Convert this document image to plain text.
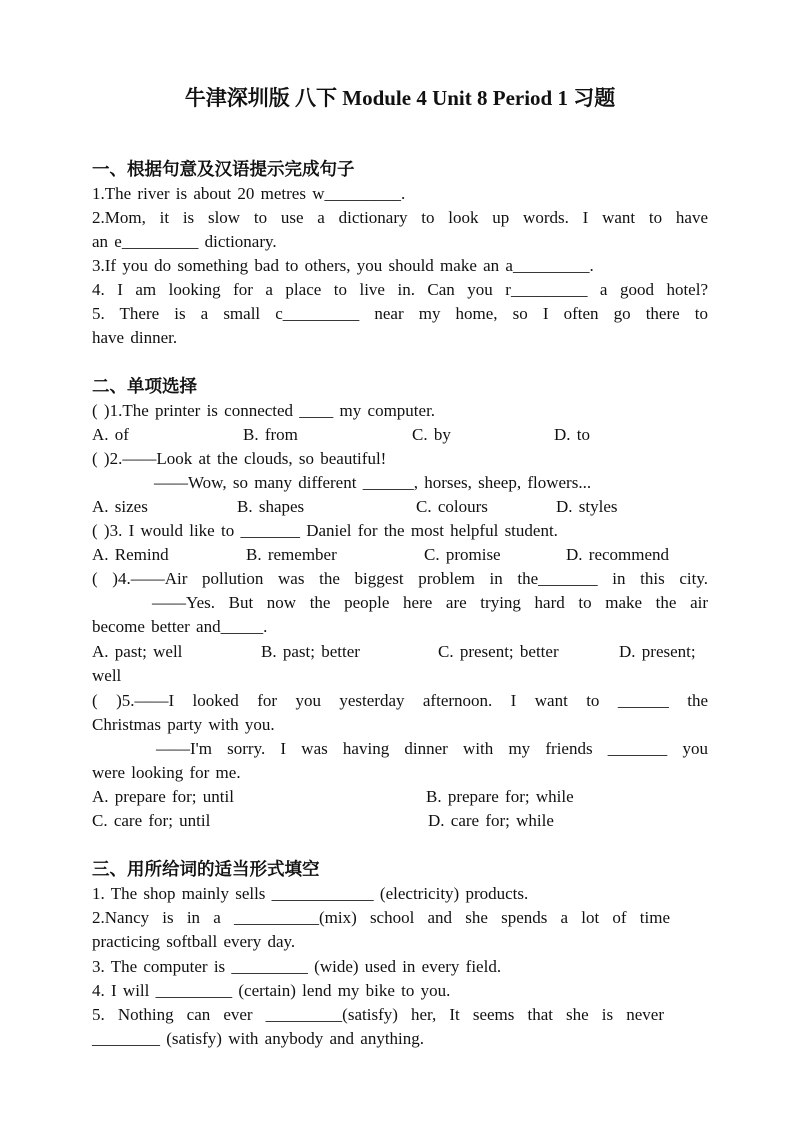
牛津深圳版 八下 Module 4 Unit 8 Period 1 习题
一、根据句意及汉语提示完成句子
1.The river is about 20 metres w_________.
2.Mom, it is slow to use a dictionary to look up words. I want to have
an e_________ dictionary.
3.If you do something bad to others, you should make an a_________.
4. I am looking for a place to live in. Can you r_________ a good hotel?
5. There is a small c_________ near my home, so I often go there to
have dinner.
二、单项选择
( )1.The printer is connected ____ my computer.
A. of	B. from	C. by	D. to
( )2.——Look at the clouds, so beautiful!
——Wow, so many different ______, horses, sheep, flowers...
A. sizes	B. shapes	C. colours	D. styles
( )3. I would like to _______ Daniel for the most helpful student.
A. Remind	B. remember	C. promise	D. recommend
( )4.——Air pollution was the biggest problem in the_______ in this city.
——Yes. But now the people here are trying hard to make the air
become better and_____.
A. past; well	B. past; better	C. present; better	D. present;
well
( )5.——I looked for you yesterday afternoon. I want to ______ the
Christmas party with you.
——I'm sorry. I was having dinner with my friends _______ you
were looking for me.
A. prepare for; until	B. prepare for; while
C. care for; until	D. care for; while
三、用所给词的适当形式填空
1. The shop mainly sells ____________ (electricity) products.
2.Nancy is in a __________(mix) school and she spends a lot of time
practicing softball every day.
3. The computer is _________ (wide) used in every field.
4. I will _________ (certain) lend my bike to you.
5. Nothing can ever _________(satisfy) her, It seems that she is never
________ (satisfy) with anybody and anything.
